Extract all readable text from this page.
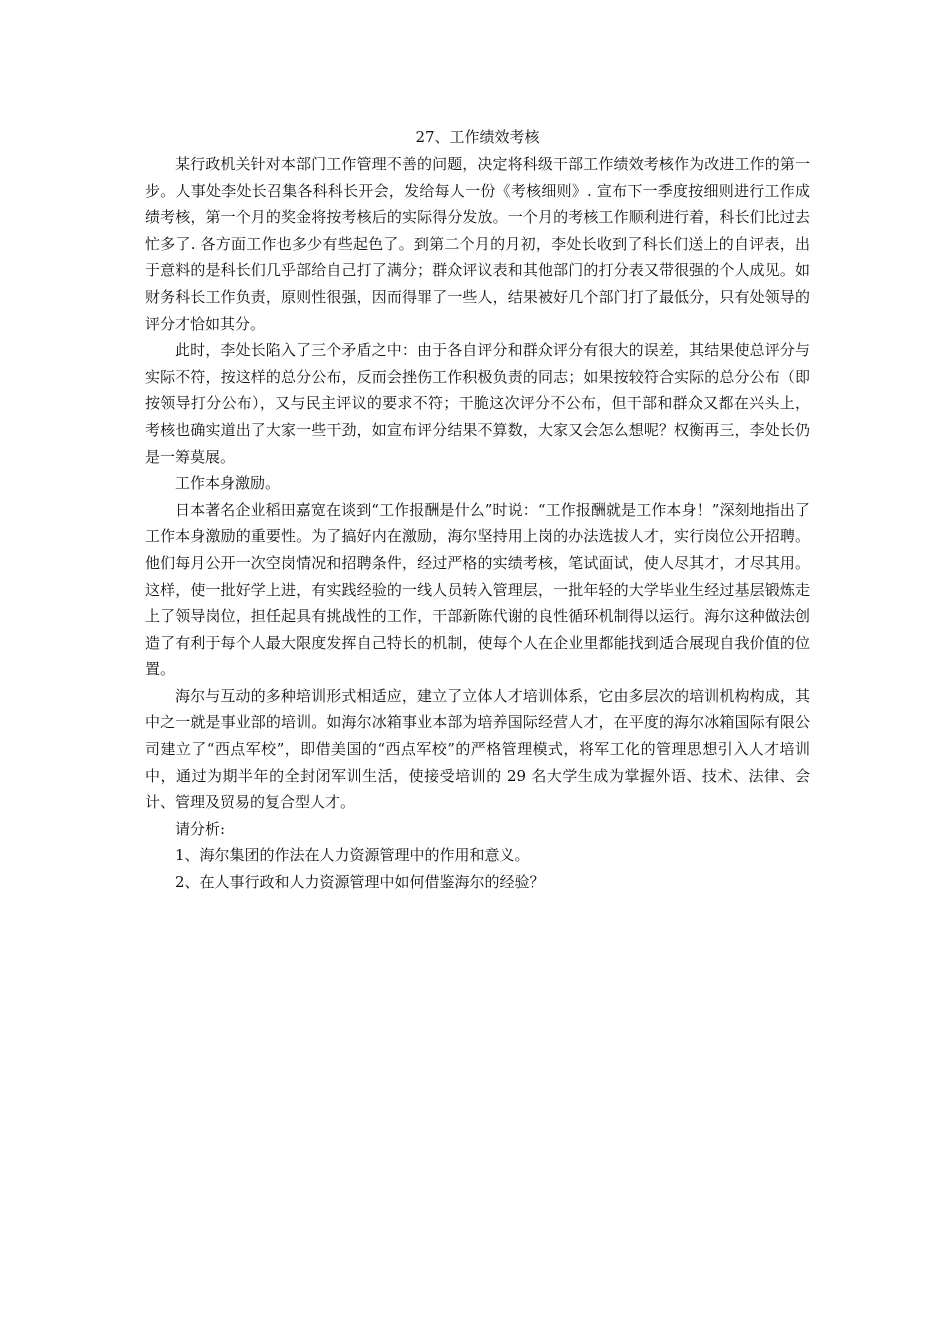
27、工作绩效考核

某行政机关针对本部门工作管理不善的问题，决定将科级干部工作绩效考核作为改进工作的第一步。人事处李处长召集各科科长开会，发给每人一份《考核细则》. 宣布下一季度按细则进行工作成绩考核，第一个月的奖金将按考核后的实际得分发放。一个月的考核工作顺利进行着，科长们比过去忙多了. 各方面工作也多少有些起色了。到第二个月的月初，李处长收到了科长们送上的自评表，出于意料的是科长们几乎部给自己打了满分；群众评议表和其他部门的打分表又带很强的个人成见。如财务科长工作负责，原则性很强，因而得罪了一些人，结果被好几个部门打了最低分，只有处领导的评分才恰如其分。

此时，李处长陷入了三个矛盾之中：由于各自评分和群众评分有很大的误差，其结果使总评分与实际不符，按这样的总分公布，反而会挫伤工作积极负责的同志；如果按较符合实际的总分公布（即按领导打分公布），又与民主评议的要求不符；干脆这次评分不公布，但干部和群众又都在兴头上，考核也确实道出了大家一些干劲，如宣布评分结果不算数，大家又会怎么想呢？权衡再三，李处长仍是一筹莫展。

工作本身激励。

日本著名企业稻田嘉宽在谈到“工作报酬是什么”时说：“工作报酬就是工作本身！”深刻地指出了工作本身激励的重要性。为了搞好内在激励，海尔坚持用上岗的办法选拔人才，实行岗位公开招聘。他们每月公开一次空岗情况和招聘条件，经过严格的实绩考核，笔试面试，使人尽其才，才尽其用。这样，使一批好学上进，有实践经验的一线人员转入管理层，一批年轻的大学毕业生经过基层锻炼走上了领导岗位，担任起具有挑战性的工作，干部新陈代谢的良性循环机制得以运行。海尔这种做法创造了有利于每个人最大限度发挥自己特长的机制，使每个人在企业里都能找到适合展现自我价值的位置。

海尔与互动的多种培训形式相适应，建立了立体人才培训体系，它由多层次的培训机构构成，其中之一就是事业部的培训。如海尔冰箱事业本部为培养国际经营人才，在平度的海尔冰箱国际有限公司建立了“西点军校”，即借美国的“西点军校”的严格管理模式，将军工化的管理思想引入人才培训中，通过为期半年的全封闭军训生活，使接受培训的 29 名大学生成为掌握外语、技术、法律、会计、管理及贸易的复合型人才。

请分析:

1、海尔集团的作法在人力资源管理中的作用和意义。
2、在人事行政和人力资源管理中如何借鉴海尔的经验？
